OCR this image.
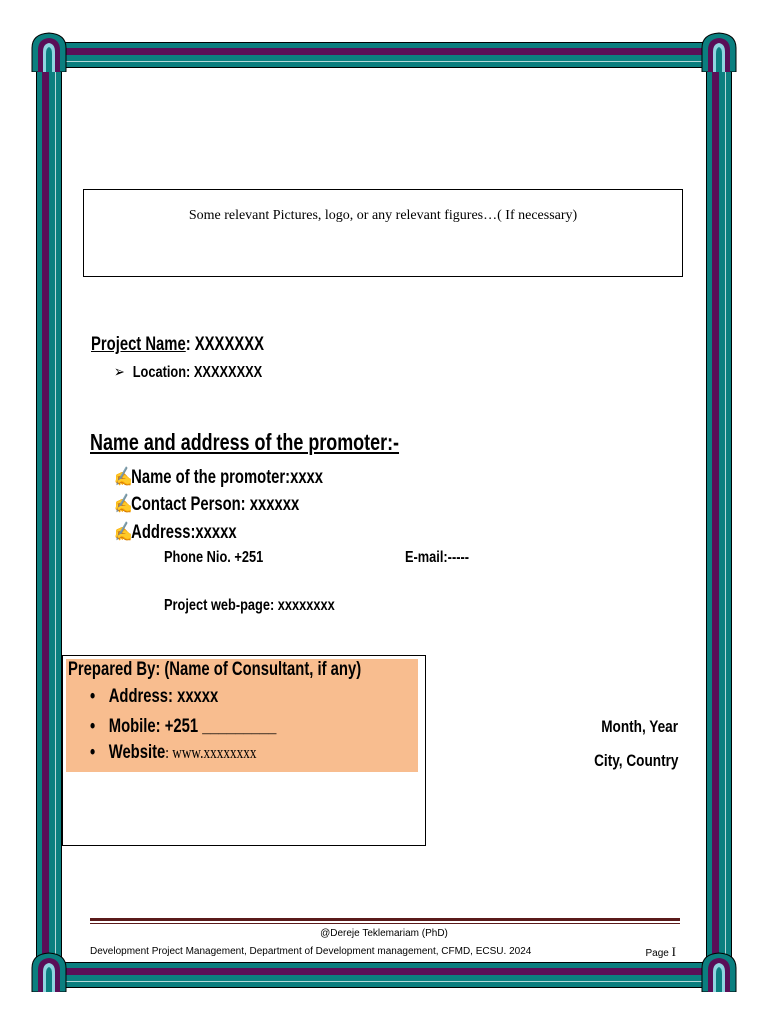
Some relevant Pictures, logo, or any relevant figures…( If necessary)
Project Name: XXXXXXX
➢ Location: XXXXXXXX
Name and address of the promoter:-
✍Name of the promoter:xxxx
✍Contact Person: xxxxxx
✍Address:xxxxx
Phone Nio. +251	E-mail:-----
Project web-page: xxxxxxxx
Prepared By: (Name of Consultant, if any)
• Address: xxxxx
• Mobile: +251 _________
• Website: www.xxxxxxxx
Month, Year
City, Country
@Dereje Teklemariam (PhD)
Development Project Management, Department of Development management, CFMD, ECSU. 2024	Page I
